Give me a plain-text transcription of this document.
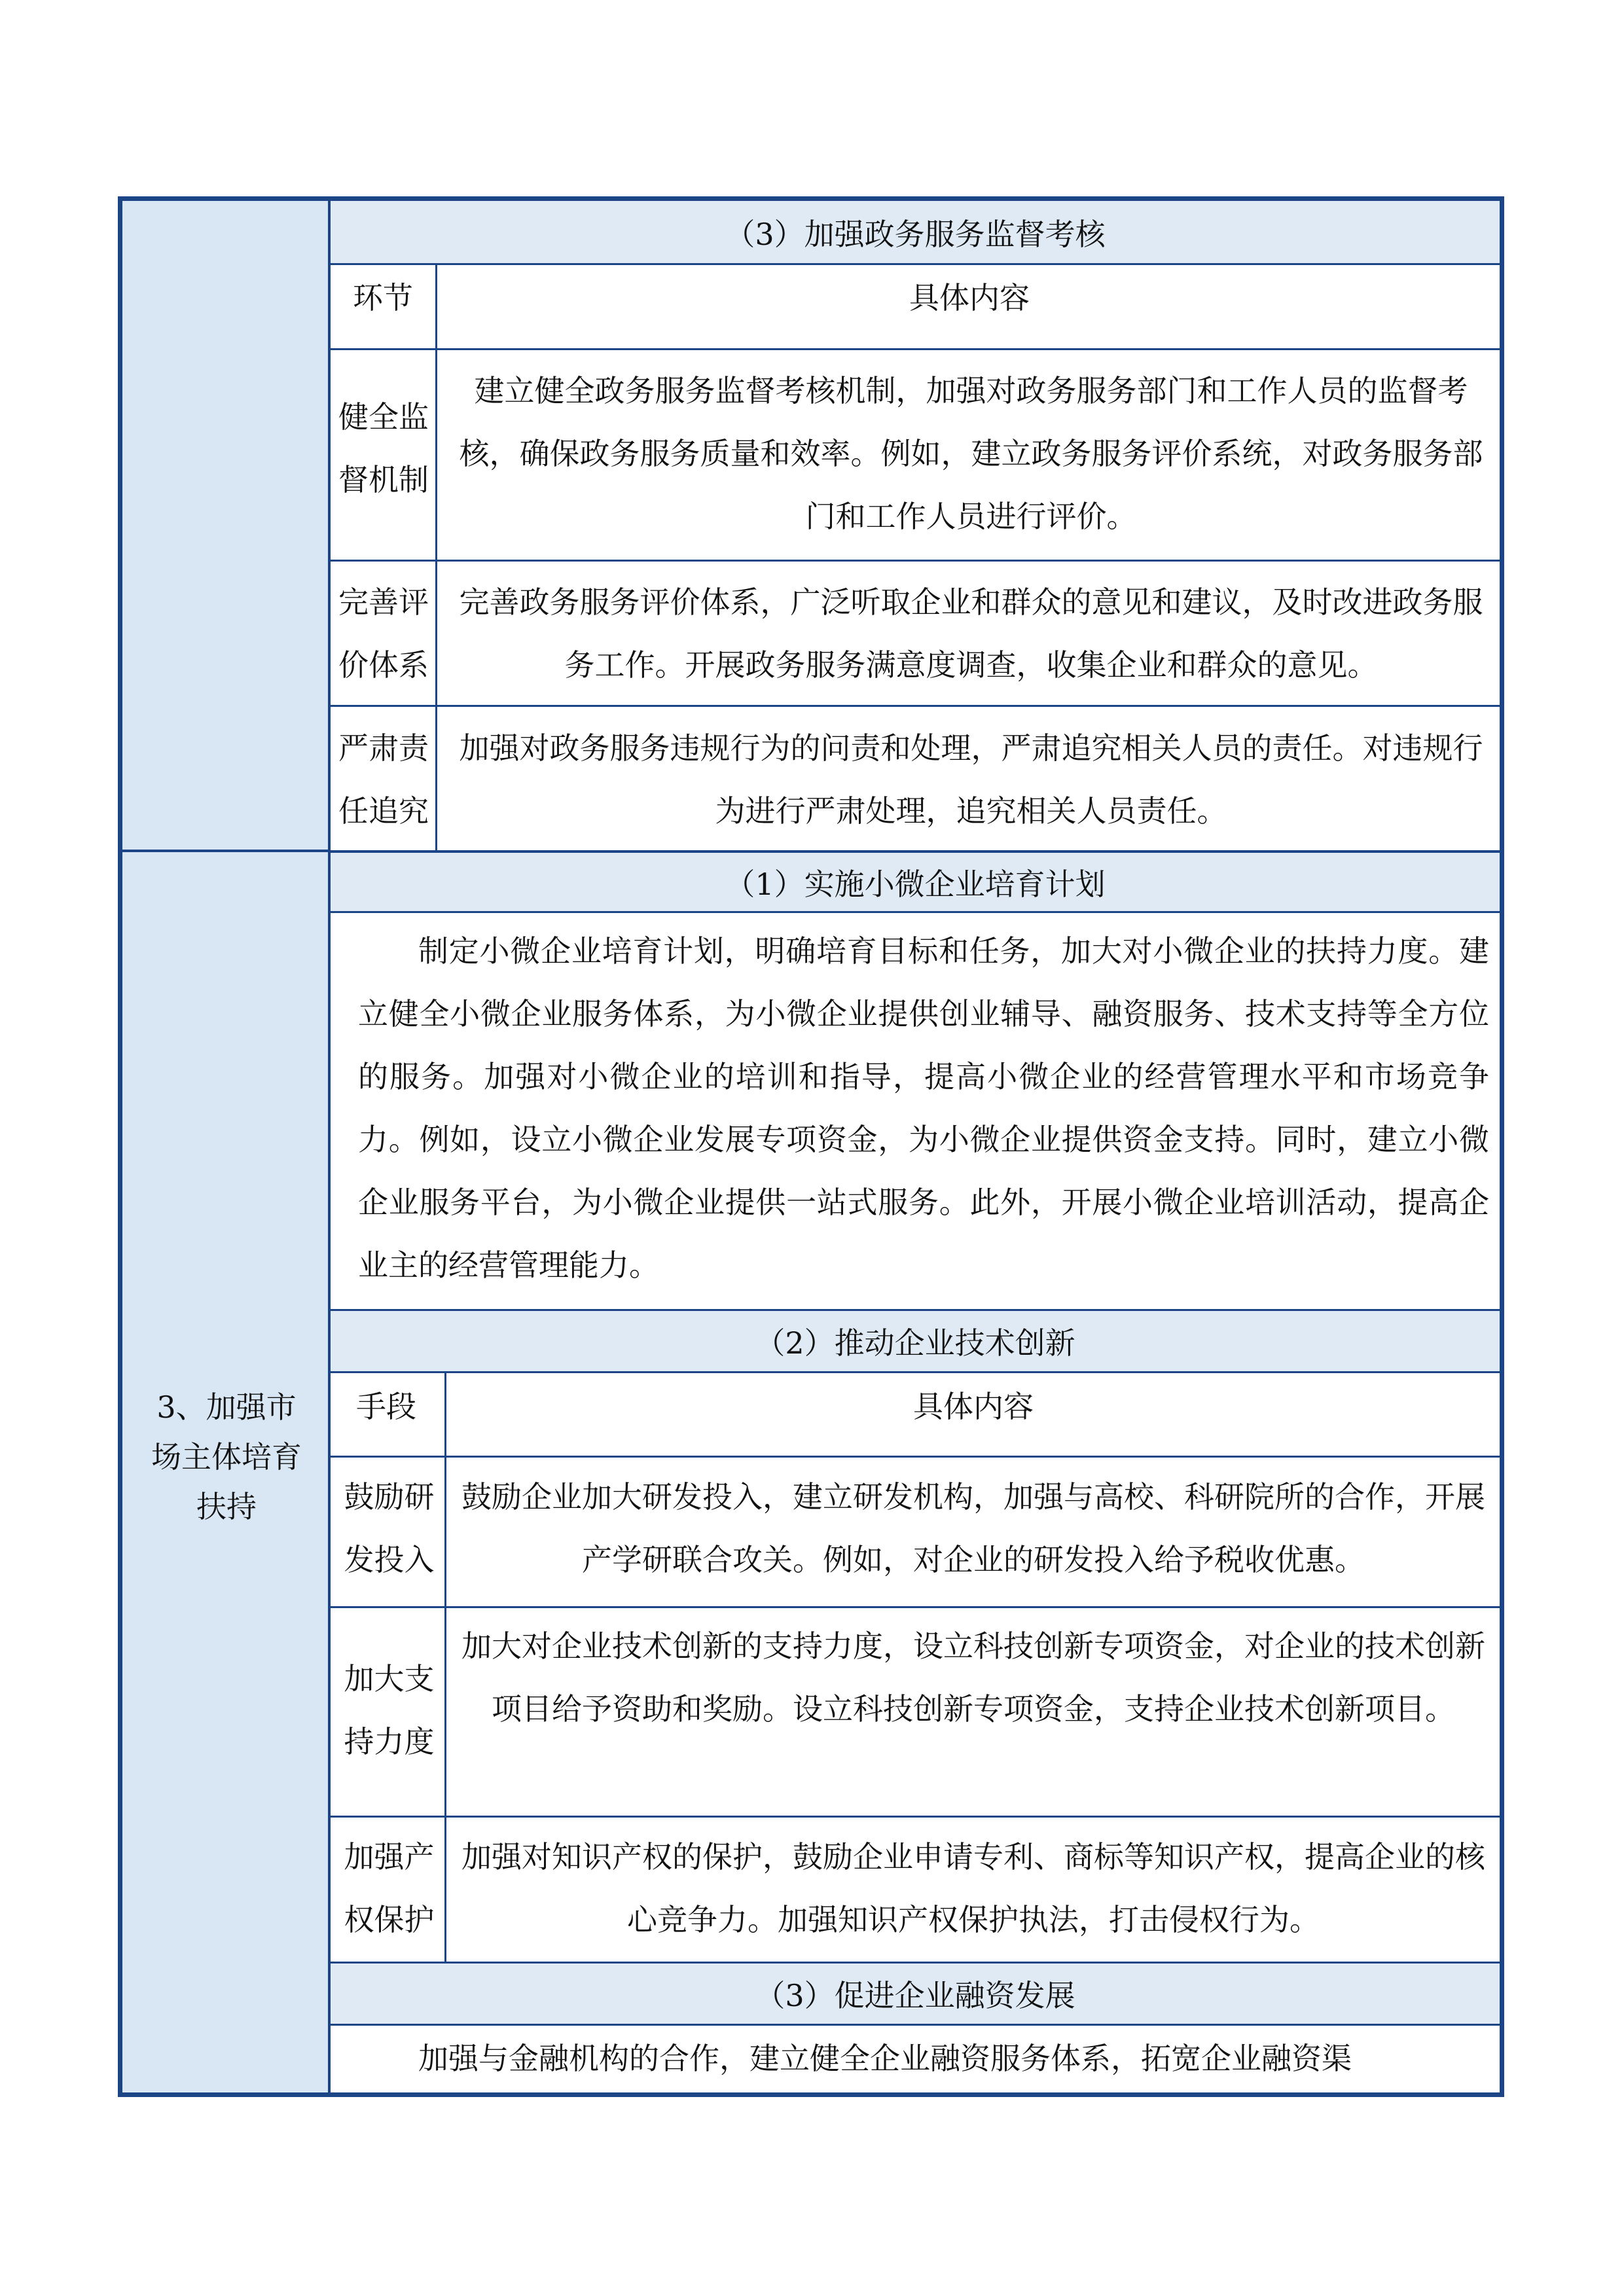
3、加强市场主体培育扶持
（3）加强政务服务监督考核
环节	具体内容
健全监督机制
建立健全政务服务监督考核机制，加强对政务服务部门和工作人员的监督考核，确保政务服务质量和效率。例如，建立政务服务评价系统，对政务服务部门和工作人员进行评价。
完善评价体系
完善政务服务评价体系，广泛听取企业和群众的意见和建议，及时改进政务服务工作。开展政务服务满意度调查，收集企业和群众的意见。
严肃责任追究
加强对政务服务违规行为的问责和处理，严肃追究相关人员的责任。对违规行为进行严肃处理，追究相关人员责任。
（1）实施小微企业培育计划
制定小微企业培育计划，明确培育目标和任务，加大对小微企业的扶持力度。建立健全小微企业服务体系，为小微企业提供创业辅导、融资服务、技术支持等全方位的服务。加强对小微企业的培训和指导，提高小微企业的经营管理水平和市场竞争力。例如，设立小微企业发展专项资金，为小微企业提供资金支持。同时，建立小微企业服务平台，为小微企业提供一站式服务。此外，开展小微企业培训活动，提高企业主的经营管理能力。
（2）推动企业技术创新
手段	具体内容
鼓励研发投入
鼓励企业加大研发投入，建立研发机构，加强与高校、科研院所的合作，开展产学研联合攻关。例如，对企业的研发投入给予税收优惠。
加大支持力度
加大对企业技术创新的支持力度，设立科技创新专项资金，对企业的技术创新项目给予资助和奖励。设立科技创新专项资金，支持企业技术创新项目。
加强产权保护
加强对知识产权的保护，鼓励企业申请专利、商标等知识产权，提高企业的核心竞争力。加强知识产权保护执法，打击侵权行为。
（3）促进企业融资发展
加强与金融机构的合作，建立健全企业融资服务体系，拓宽企业融资渠
